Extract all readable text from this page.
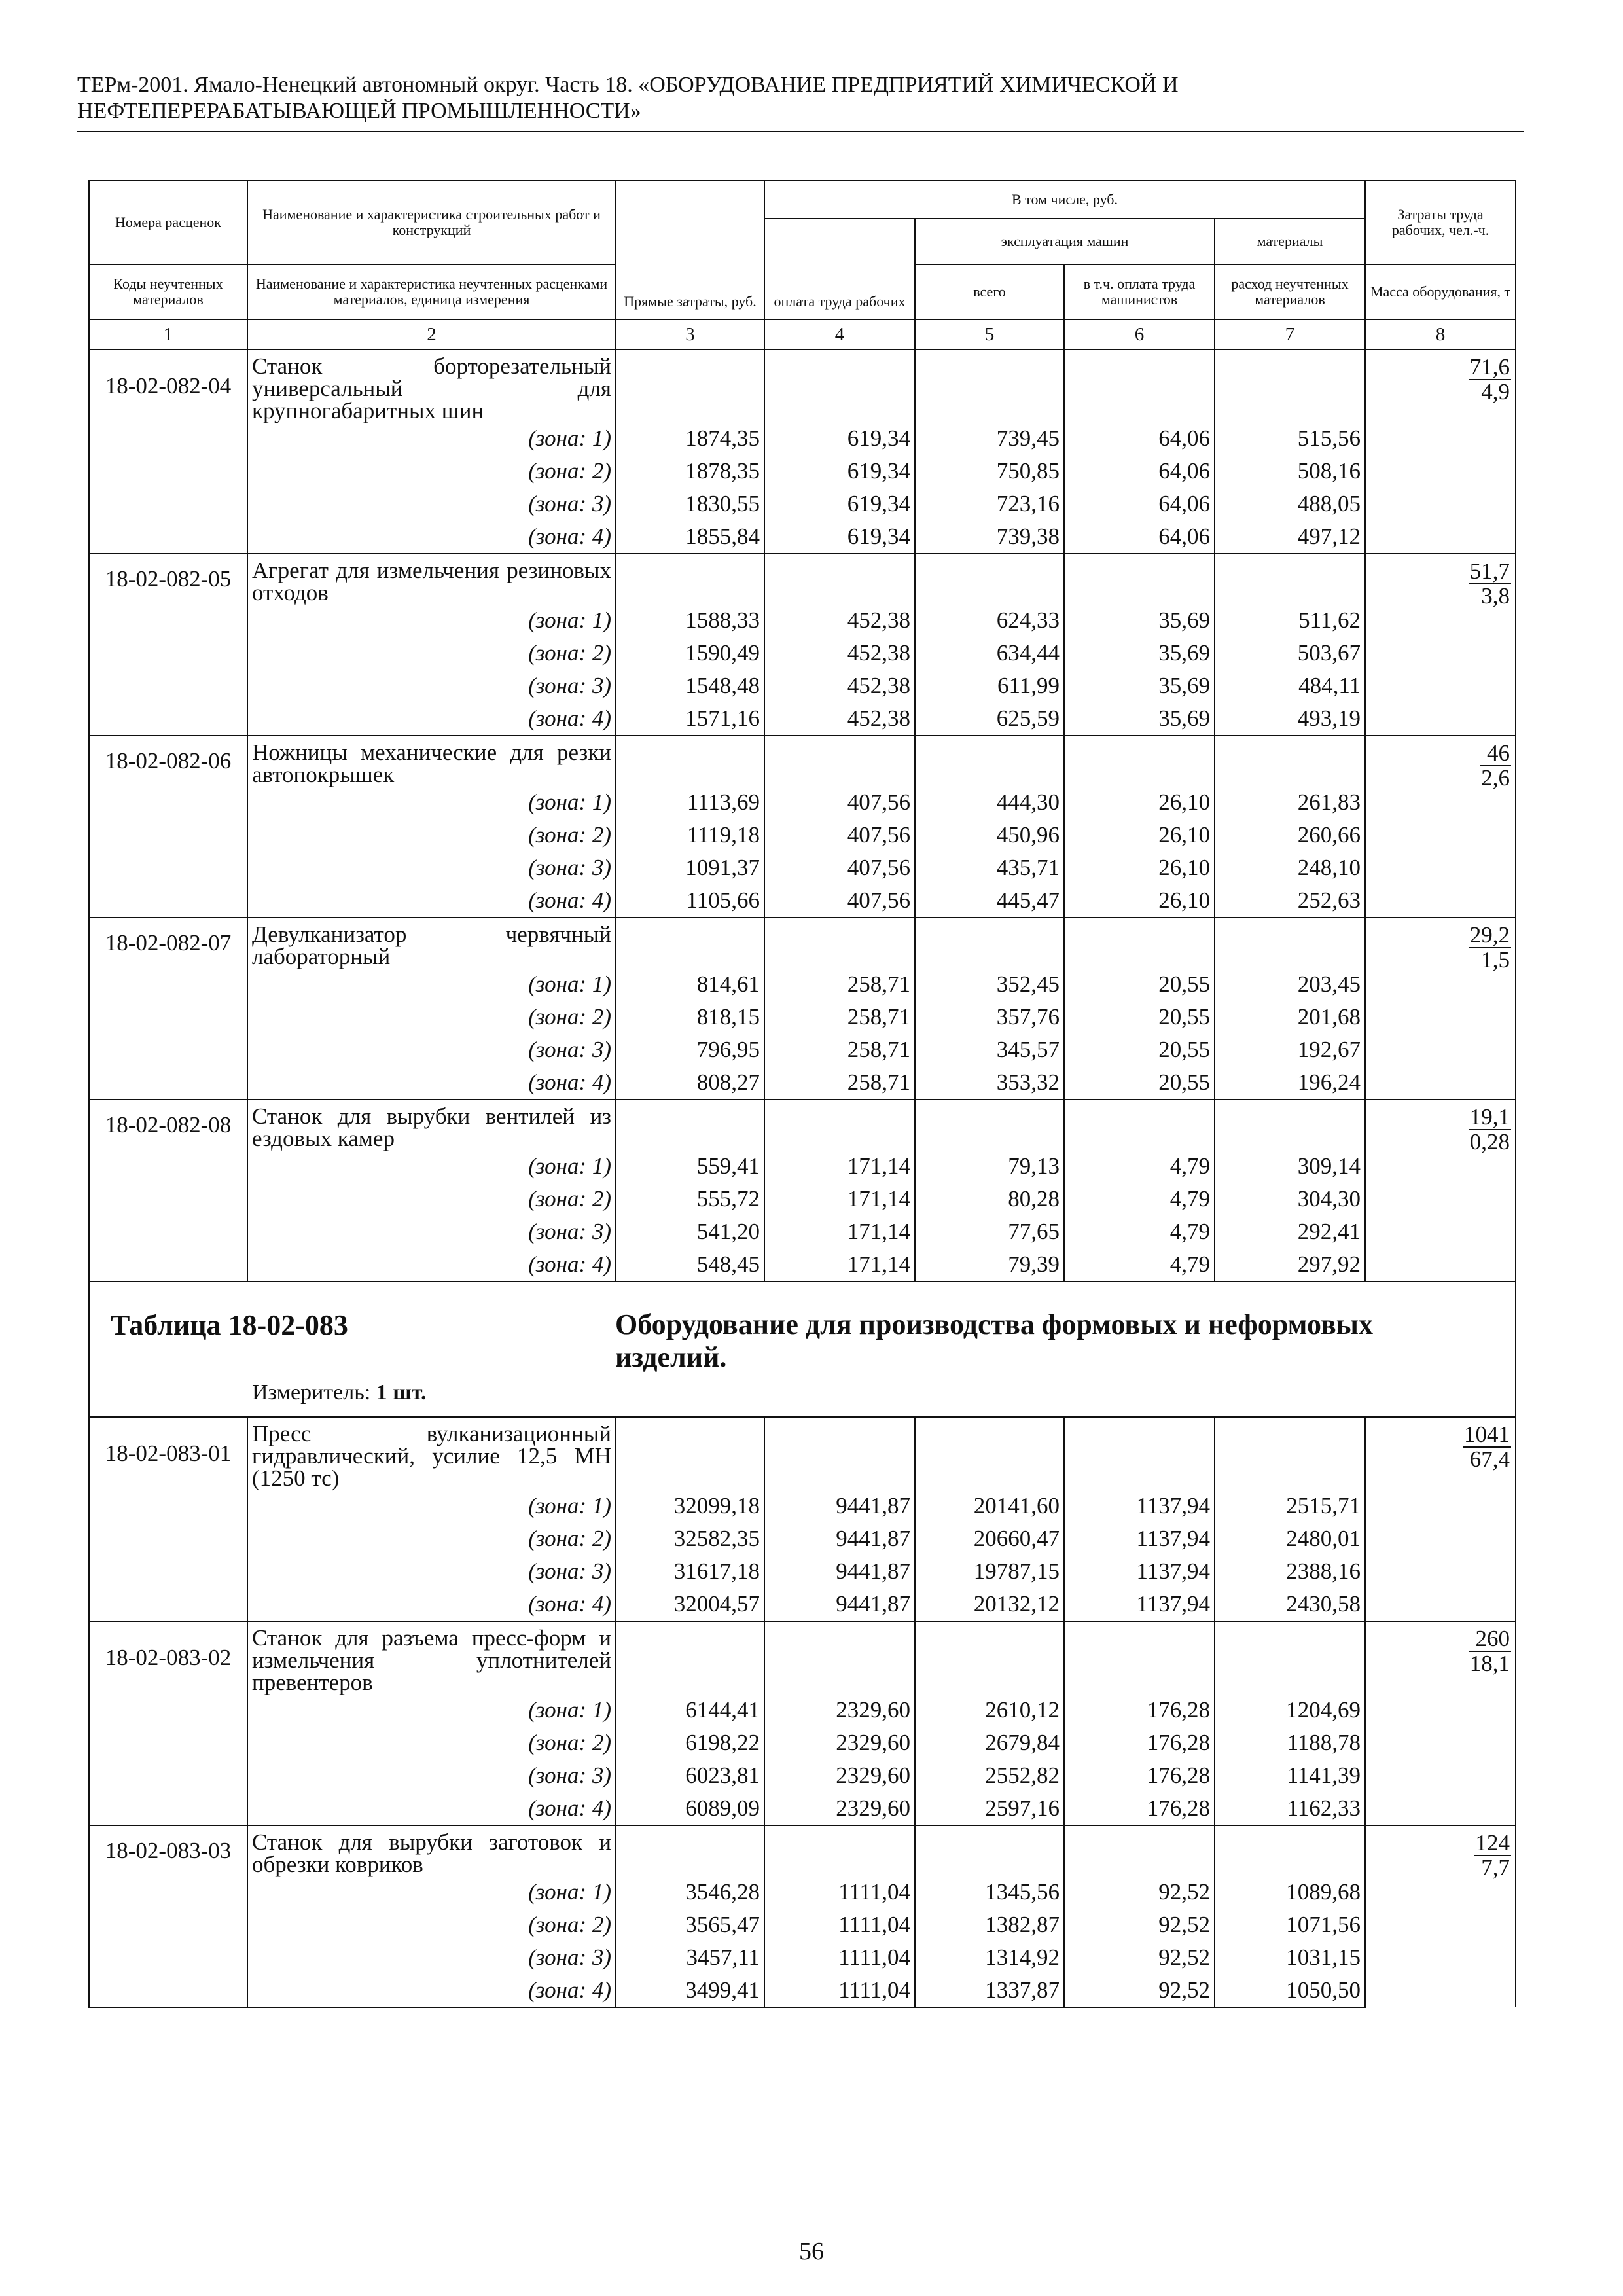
ТЕРм-2001. Ямало-Ненецкий автономный округ. Часть 18. «ОБОРУДОВАНИЕ ПРЕДПРИЯТИЙ ХИМИЧЕСКОЙ И
НЕФТЕПЕРЕРАБАТЫВАЮЩЕЙ ПРОМЫШЛЕННОСТИ»
Номера расценок	Наименование и характеристика строительных работ и конструкций	Прямые затраты, руб.	В том числе, руб.				Затраты труда рабочих, чел.-ч.
			оплата труда рабочих	эксплуатация машин		материалы	
Коды неучтенных материалов	Наименование и характеристика неучтенных расценками материалов, единица измерения			всего	в т.ч. оплата труда машинистов	расход неучтенных материалов	Масса оборудования, т
1	2	3	4	5	6	7	8
18-02-082-04	Станок борторезательный универсальный для крупногабаритных шин						$\frac{71,6}{4,9}$

	(зона: 1)	1874,35	619,34	739,45	64,06	515,56	
	(зона: 2)	1878,35	619,34	750,85	64,06	508,16	
	(зона: 3)	1830,55	619,34	723,16	64,06	488,05	
	(зона: 4)	1855,84	619,34	739,38	64,06	497,12	
18-02-082-05	Агрегат для измельчения резиновых отходов						$\frac{51,7}{3,8}$

	(зона: 1)	1588,33	452,38	624,33	35,69	511,62	
	(зона: 2)	1590,49	452,38	634,44	35,69	503,67	
	(зона: 3)	1548,48	452,38	611,99	35,69	484,11	
	(зона: 4)	1571,16	452,38	625,59	35,69	493,19	
18-02-082-06	Ножницы механические для резки автопокрышек						$\frac{46}{2,6}$

	(зона: 1)	1113,69	407,56	444,30	26,10	261,83	
	(зона: 2)	1119,18	407,56	450,96	26,10	260,66	
	(зона: 3)	1091,37	407,56	435,71	26,10	248,10	
	(зона: 4)	1105,66	407,56	445,47	26,10	252,63	
18-02-082-07	Девулканизатор червячный лабораторный						$\frac{29,2}{1,5}$

	(зона: 1)	814,61	258,71	352,45	20,55	203,45	
	(зона: 2)	818,15	258,71	357,76	20,55	201,68	
	(зона: 3)	796,95	258,71	345,57	20,55	192,67	
	(зона: 4)	808,27	258,71	353,32	20,55	196,24	
18-02-082-08	Станок для вырубки вентилей из ездовых камер						$\frac{19,1}{0,28}$

	(зона: 1)	559,41	171,14	79,13	4,79	309,14	
	(зона: 2)	555,72	171,14	80,28	4,79	304,30	
	(зона: 3)	541,20	171,14	77,65	4,79	292,41	
	(зона: 4)	548,45	171,14	79,39	4,79	297,92	

Таблица 18-02-083 Оборудование для производства формовых и неформовых изделий.
Измеритель: 1 шт.							

18-02-083-01	Пресс вулканизационный гидравлический, усилие 12,5 МН (1250 тс)						$\frac{1041}{67,4}$

	(зона: 1)	32099,18	9441,87	20141,60	1137,94	2515,71	
	(зона: 2)	32582,35	9441,87	20660,47	1137,94	2480,01	
	(зона: 3)	31617,18	9441,87	19787,15	1137,94	2388,16	
	(зона: 4)	32004,57	9441,87	20132,12	1137,94	2430,58	
18-02-083-02	Станок для разъема пресс-форм и измельчения уплотнителей превентеров						$\frac{260}{18,1}$

	(зона: 1)	6144,41	2329,60	2610,12	176,28	1204,69	
	(зона: 2)	6198,22	2329,60	2679,84	176,28	1188,78	
	(зона: 3)	6023,81	2329,60	2552,82	176,28	1141,39	
	(зона: 4)	6089,09	2329,60	2597,16	176,28	1162,33	
18-02-083-03	Станок для вырубки заготовок и обрезки ковриков						$\frac{124}{7,7}$

	(зона: 1)	3546,28	1111,04	1345,56	92,52	1089,68	
	(зона: 2)	3565,47	1111,04	1382,87	92,52	1071,56	
	(зона: 3)	3457,11	1111,04	1314,92	92,52	1031,15	
	(зона: 4)	3499,41	1111,04	1337,87	92,52	1050,50	
56
